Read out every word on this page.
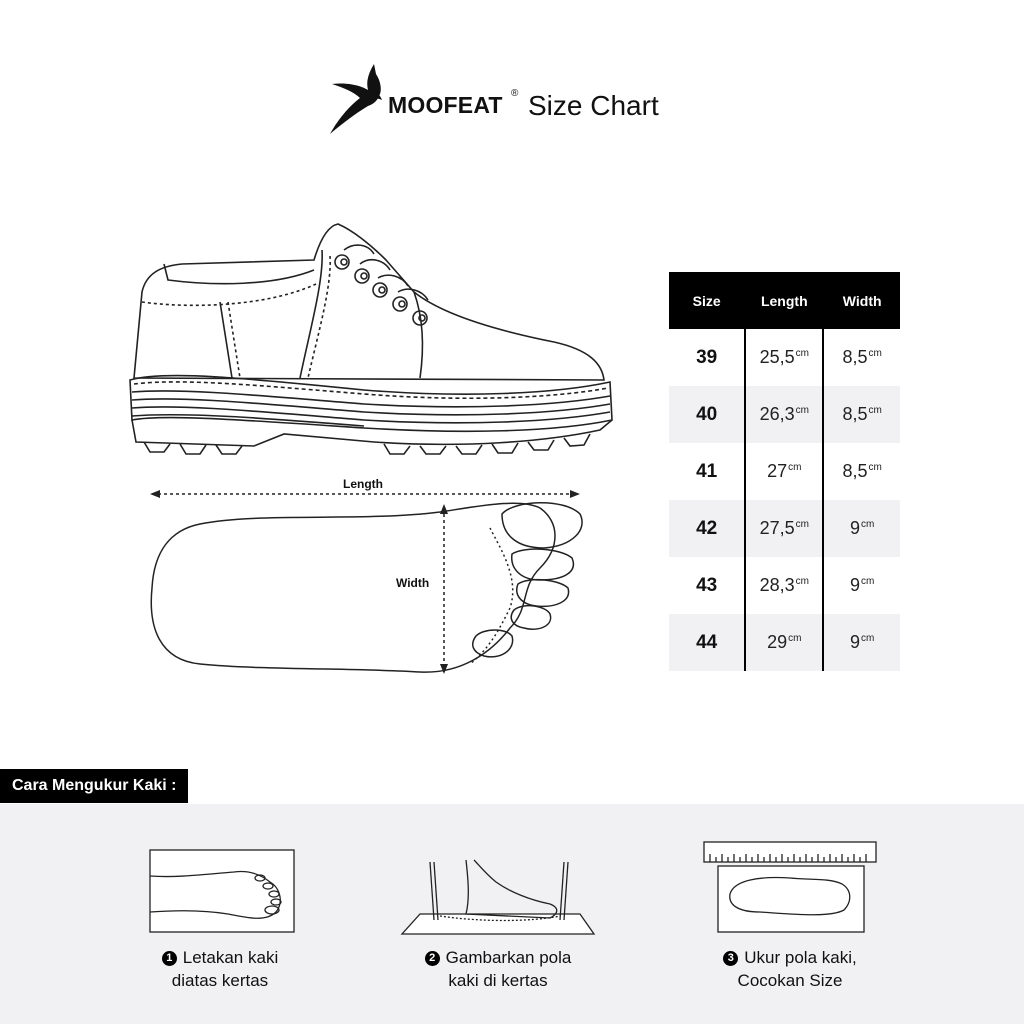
MOOFEAT ® Size Chart
Length
Width
Size	Length	Width
39	$25,5^{cm}$	$8,5^{cm}$
40	$26,3^{cm}$	$8,5^{cm}$
41	$27^{cm}$	$8,5^{cm}$
42	$27,5^{cm}$	$9^{cm}$
43	$28,3^{cm}$	$9^{cm}$
44	$29^{cm}$	$9^{cm}$
Cara Mengukur Kaki :
1 Letakan kaki
diatas kertas
2 Gambarkan pola
kaki di kertas
3 Ukur pola kaki,
Cocokan Size
